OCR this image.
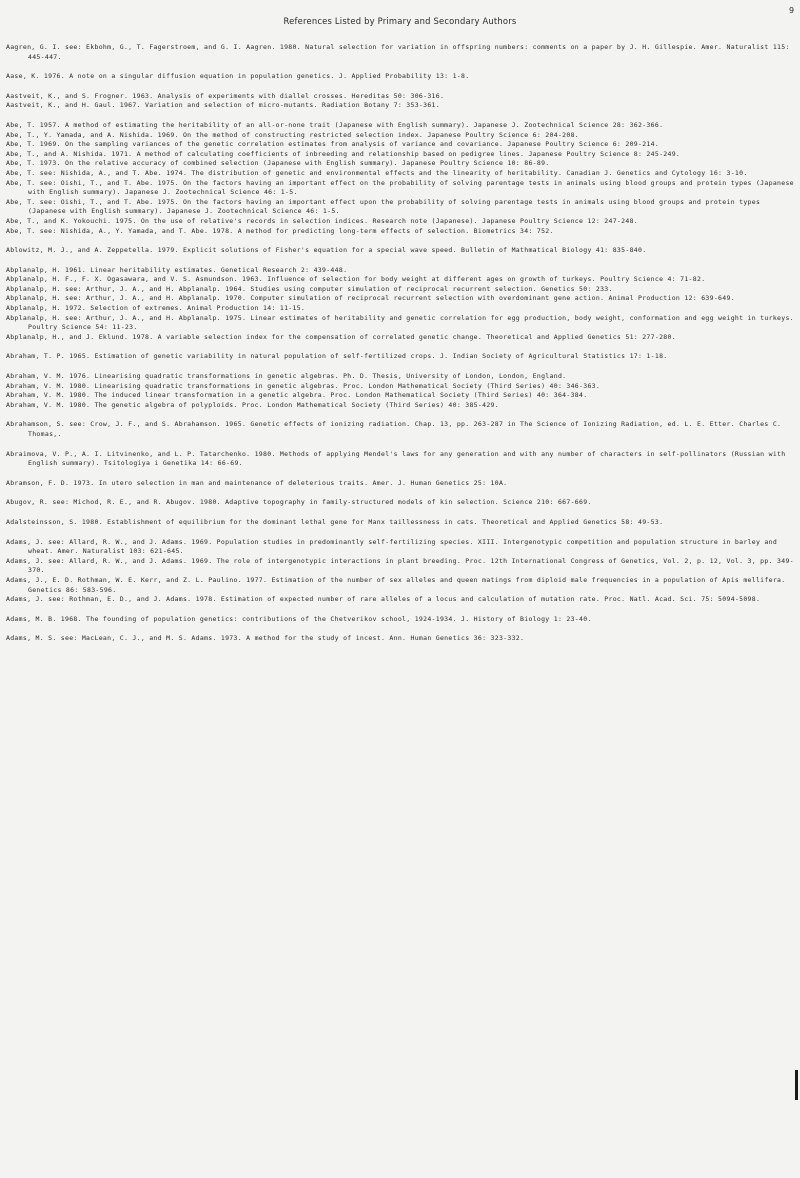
9
References Listed by Primary and Secondary Authors

Aagren, G. I. see: Ekbohm, G., T. Fagerstroem, and G. I. Aagren. 1980. Natural selection for variation in offspring numbers: comments on a paper by J. H. Gillespie. Amer. Naturalist 115: 445-447.

Aase, K. 1976. A note on a singular diffusion equation in population genetics. J. Applied Probability 13: 1-8.

Aastveit, K., and S. Frogner. 1963. Analysis of experiments with diallel crosses. Hereditas 50: 306-316.

Aastveit, K., and H. Gaul. 1967. Variation and selection of micro-mutants. Radiation Botany 7: 353-361.

Abe, T. 1957. A method of estimating the heritability of an all-or-none trait (Japanese with English summary). Japanese J. Zootechnical Science 28: 362-366.

Abe, T., Y. Yamada, and A. Nishida. 1969. On the method of constructing restricted selection index. Japanese Poultry Science 6: 204-208.

Abe, T. 1969. On the sampling variances of the genetic correlation estimates from analysis of variance and covariance. Japanese Poultry Science 6: 209-214.

Abe, T., and A. Nishida. 1971. A method of calculating coefficients of inbreeding and relationship based on pedigree lines. Japanese Poultry Science 8: 245-249.

Abe, T. 1973. On the relative accuracy of combined selection (Japanese with English summary). Japanese Poultry Science 10: 86-89.

Abe, T. see: Nishida, A., and T. Abe. 1974. The distribution of genetic and environmental effects and the linearity of heritability. Canadian J. Genetics and Cytology 16: 3-10.

Abe, T. see: Oishi, T., and T. Abe. 1975. On the factors having an important effect on the probability of solving parentage tests in animals using blood groups and protein types (Japanese with English summary). Japanese J. Zootechnical Science 46: 1-5.

Abe, T. see: Oishi, T., and T. Abe. 1975. On the factors having an important effect upon the probability of solving parentage tests in animals using blood groups and protein types (Japanese with English summary). Japanese J. Zootechnical Science 46: 1-5.

Abe, T., and K. Yokouchi. 1975. On the use of relative's records in selection indices. Research note (Japanese). Japanese Poultry Science 12: 247-248.

Abe, T. see: Nishida, A., Y. Yamada, and T. Abe. 1978. A method for predicting long-term effects of selection. Biometrics 34: 752.

Ablowitz, M. J., and A. Zeppetella. 1979. Explicit solutions of Fisher's equation for a special wave speed. Bulletin of Mathmatical Biology 41: 835-840.

Abplanalp, H. 1961. Linear heritability estimates. Genetical Research 2: 439-448.

Abplanalp, H. F., F. X. Ogasawara, and V. S. Asmundson. 1963. Influence of selection for body weight at different ages on growth of turkeys. Poultry Science 4: 71-82.

Abplanalp, H. see: Arthur, J. A., and H. Abplanalp. 1964. Studies using computer simulation of reciprocal recurrent selection. Genetics 50: 233.

Abplanalp, H. see: Arthur, J. A., and H. Abplanalp. 1970. Computer simulation of reciprocal recurrent selection with overdominant gene action. Animal Production 12: 639-649.

Abplanalp, H. 1972. Selection of extremes. Animal Production 14: 11-15.

Abplanalp, H. see: Arthur, J. A., and H. Abplanalp. 1975. Linear estimates of heritability and genetic correlation for egg production, body weight, conformation and egg weight in turkeys. Poultry Science 54: 11-23.

Abplanalp, H., and J. Eklund. 1978. A variable selection index for the compensation of correlated genetic change. Theoretical and Applied Genetics 51: 277-280.

Abraham, T. P. 1965. Estimation of genetic variability in natural population of self-fertilized crops. J. Indian Society of Agricultural Statistics 17: 1-18.

Abraham, V. M. 1976. Linearising quadratic transformations in genetic algebras. Ph. D. Thesis, University of London, London, England.

Abraham, V. M. 1980. Linearising quadratic transformations in genetic algebras. Proc. London Mathematical Society (Third Series) 40: 346-363.

Abraham, V. M. 1980. The induced linear transformation in a genetic algebra. Proc. London Mathematical Society (Third Series) 40: 364-384.

Abraham, V. M. 1980. The genetic algebra of polyploids. Proc. London Mathematical Society (Third Series) 40: 385-429.

Abrahamson, S. see: Crow, J. F., and S. Abrahamson. 1965. Genetic effects of ionizing radiation. Chap. 13, pp. 263-287 in The Science of Ionizing Radiation, ed. L. E. Etter. Charles C. Thomas,.

Abraimova, V. P., A. I. Litvinenko, and L. P. Tatarchenko. 1980. Methods of applying Mendel's laws for any generation and with any number of characters in self-pollinators (Russian with English summary). Tsitologiya i Genetika 14: 66-69.

Abramson, F. D. 1973. In utero selection in man and maintenance of deleterious traits. Amer. J. Human Genetics 25: 10A.

Abugov, R. see: Michod, R. E., and R. Abugov. 1980. Adaptive topography in family-structured models of kin selection. Science 210: 667-669.

Adalsteinsson, S. 1980. Establishment of equilibrium for the dominant lethal gene for Manx taillessness in cats. Theoretical and Applied Genetics 58: 49-53.

Adams, J. see: Allard, R. W., and J. Adams. 1969. Population studies in predominantly self-fertilizing species. XIII. Intergenotypic competition and population structure in barley and wheat. Amer. Naturalist 103: 621-645.

Adams, J. see: Allard, R. W., and J. Adams. 1969. The role of intergenotypic interactions in plant breeding. Proc. 12th International Congress of Genetics, Vol. 2, p. 12, Vol. 3, pp. 349-370.

Adams, J., E. D. Rothman, W. E. Kerr, and Z. L. Paulino. 1977. Estimation of the number of sex alleles and queen matings from diploid male frequencies in a population of Apis mellifera. Genetics 86: 583-596.

Adams, J. see: Rothman, E. D., and J. Adams. 1978. Estimation of expected number of rare alleles of a locus and calculation of mutation rate. Proc. Natl. Acad. Sci. 75: 5094-5098.

Adams, M. B. 1968. The founding of population genetics: contributions of the Chetverikov school, 1924-1934. J. History of Biology 1: 23-40.

Adams, M. S. see: MacLean, C. J., and M. S. Adams. 1973. A method for the study of incest. Ann. Human Genetics 36: 323-332.
